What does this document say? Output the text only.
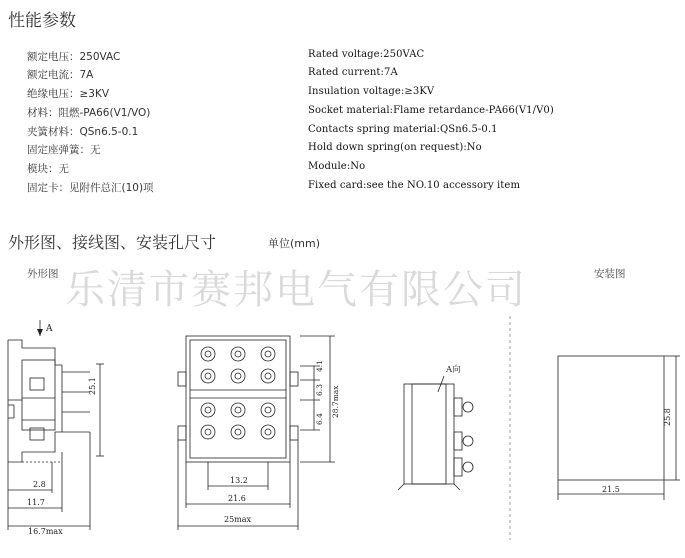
性能参数
额定电压：250VAC
额定电流：7A
绝缘电压：≥3KV
材料：阻燃-PA66(V1/VO)
夹簧材料：QSn6.5-0.1
固定座弹簧：无
模块：无
固定卡：见附件总汇(10)项
Rated voltage:250VAC
Rated current:7A
Insulation voltage:≥3KV
Socket material:Flame retardance-PA66(V1/V0)
Contacts spring material:QSn6.5-0.1
Hold down spring(on request):No
Module:No
Fixed card:see the NO.10 accessory item
外形图、接线图、安装孔尺寸	单位(mm)
乐清市赛邦电气有限公司
外形图	安装图
A
25.1
2.8
11.7
16.7max
4.1
6.3
6.4
28.7max
13.2
21.6
25max
A向
25.8
21.5
